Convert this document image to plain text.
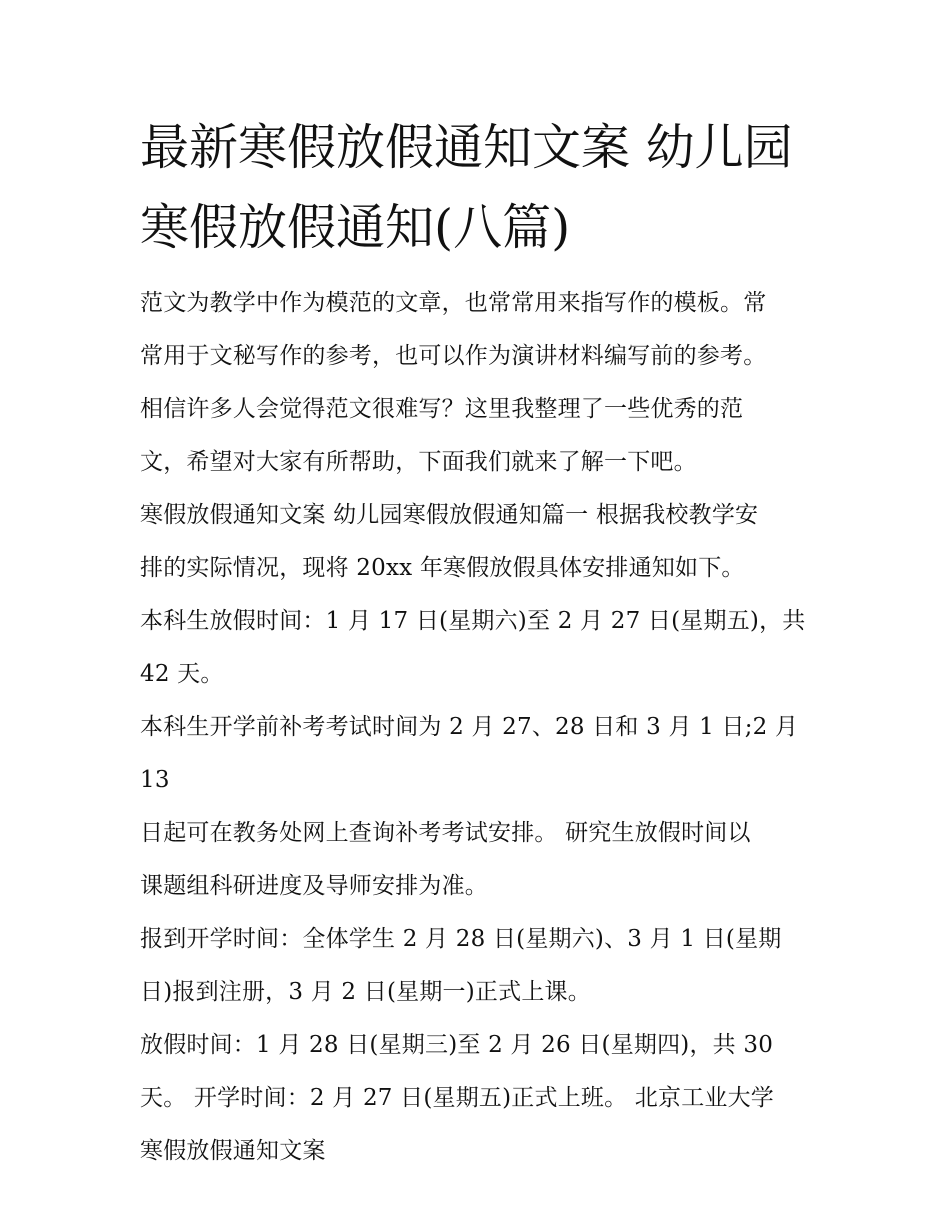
最新寒假放假通知文案 幼儿园
寒假放假通知(八篇)

范文为教学中作为模范的文章，也常常用来指写作的模板。常

常用于文秘写作的参考，也可以作为演讲材料编写前的参考。

相信许多人会觉得范文很难写？这里我整理了一些优秀的范

文，希望对大家有所帮助，下面我们就来了解一下吧。

寒假放假通知文案 幼儿园寒假放假通知篇一 根据我校教学安

排的实际情况，现将 20xx 年寒假放假具体安排通知如下。

本科生放假时间：1 月 17 日(星期六)至 2 月 27 日(星期五)，共

42 天。

本科生开学前补考考试时间为 2 月 27、28 日和 3 月 1 日;2 月 13

日起可在教务处网上查询补考考试安排。 研究生放假时间以

课题组科研进度及导师安排为准。

报到开学时间：全体学生 2 月 28 日(星期六)、3 月 1 日(星期

日)报到注册，3 月 2 日(星期一)正式上课。

放假时间：1 月 28 日(星期三)至 2 月 26 日(星期四)，共 30

天。 开学时间：2 月 27 日(星期五)正式上班。 北京工业大学

寒假放假通知文案
